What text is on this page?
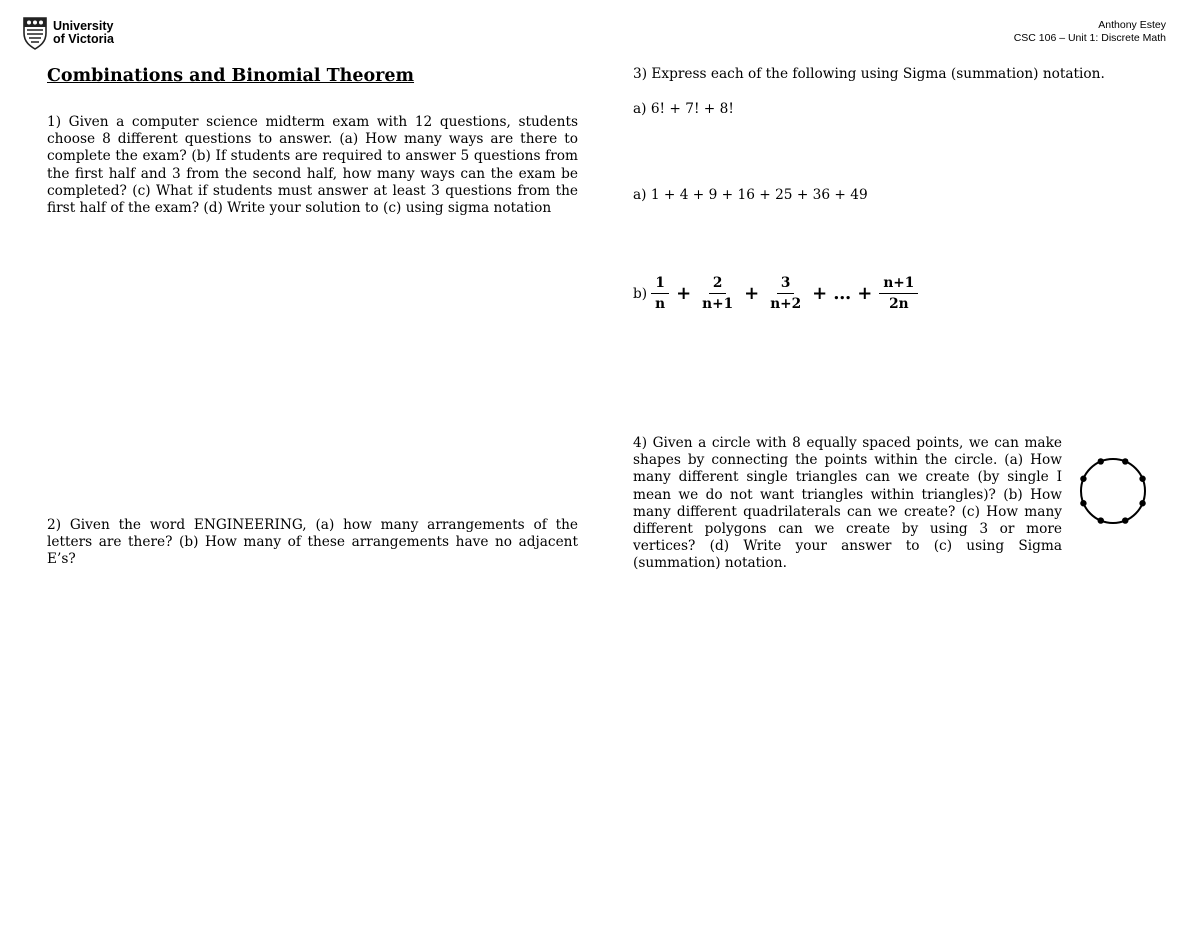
University
of Victoria
Anthony Estey
CSC 106 – Unit 1: Discrete Math
Combinations and Binomial Theorem

1) Given a computer science midterm exam with 12 questions, students choose 8 different questions to answer. (a) How many ways are there to complete the exam? (b) If students are required to answer 5 questions from the first half and 3 from the second half, how many ways can the exam be completed? (c) What if students must answer at least 3 questions from the first half of the exam? (d) Write your solution to (c) using sigma notation

2) Given the word ENGINEERING, (a) how many arrangements of the letters are there? (b) How many of these arrangements have no adjacent E’s?

3) Express each of the following using Sigma (summation) notation.

a) 6! + 7! + 8!

a) 1 + 4 + 9 + 16 + 25 + 36 + 49

$b) \frac{1}{n} + \frac{2}{n+1} + \frac{3}{n+2}$ + … + $\frac{n+1}{2n}$

4) Given a circle with 8 equally spaced points, we can make shapes by connecting the points within the circle. (a) How many different single triangles can we create (by single I mean we do not want triangles within triangles)? (b) How many different quadrilaterals can we create? (c) How many different polygons can we create by using 3 or more vertices? (d) Write your answer to (c) using Sigma (summation) notation.
